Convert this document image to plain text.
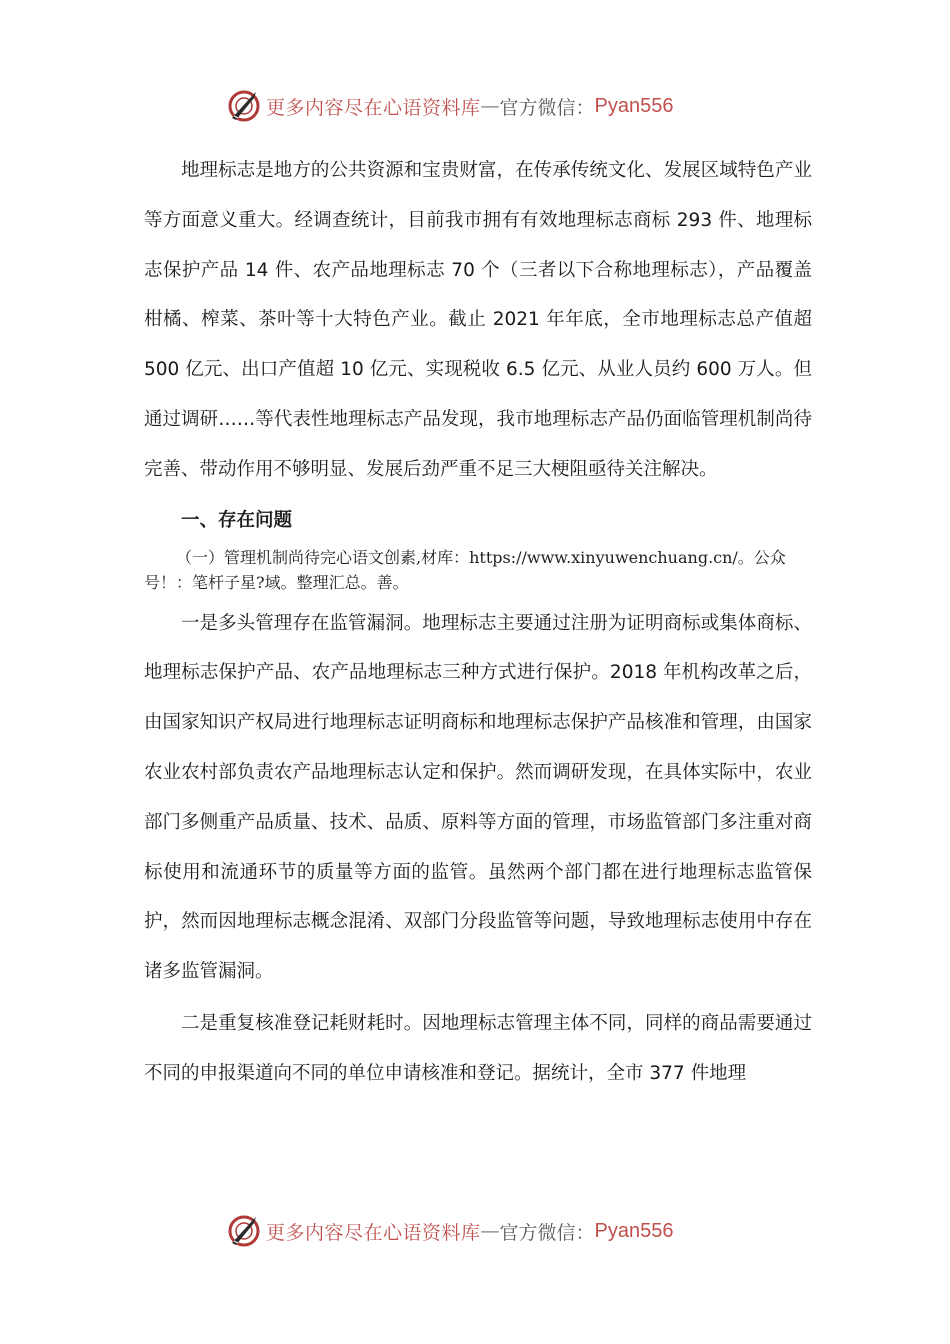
更多内容尽在心语资料库 — 官方微信： Pyan556

地理标志是地方的公共资源和宝贵财富，在传承传统文化、发展区域特色产业等方面意义重大。经调查统计，目前我市拥有有效地理标志商标 293 件、地理标志保护产品 14 件、农产品地理标志 70 个（三者以下合称地理标志），产品覆盖柑橘、榨菜、茶叶等十大特色产业。截止 2021 年年底，全市地理标志总产值超 500 亿元、出口产值超 10 亿元、实现税收 6.5 亿元、从业人员约 600 万人。但通过调研……等代表性地理标志产品发现，我市地理标志产品仍面临管理机制尚待完善、带动作用不够明显、发展后劲严重不足三大梗阻亟待关注解决。

一、存在问题

（一）管理机制尚待完心语文创素,材库：https://www.xinyuwenchuang.cn/。公众号！：笔杆子星?域。整理汇总。善。

一是多头管理存在监管漏洞。地理标志主要通过注册为证明商标或集体商标、地理标志保护产品、农产品地理标志三种方式进行保护。2018 年机构改革之后，由国家知识产权局进行地理标志证明商标和地理标志保护产品核准和管理，由国家农业农村部负责农产品地理标志认定和保护。然而调研发现，在具体实际中，农业部门多侧重产品质量、技术、品质、原料等方面的管理，市场监管部门多注重对商标使用和流通环节的质量等方面的监管。虽然两个部门都在进行地理标志监管保护，然而因地理标志概念混淆、双部门分段监管等问题，导致地理标志使用中存在诸多监管漏洞。

二是重复核准登记耗财耗时。因地理标志管理主体不同，同样的商品需要通过不同的申报渠道向不同的单位申请核准和登记。据统计，全市 377 件地理

更多内容尽在心语资料库 — 官方微信： Pyan556
